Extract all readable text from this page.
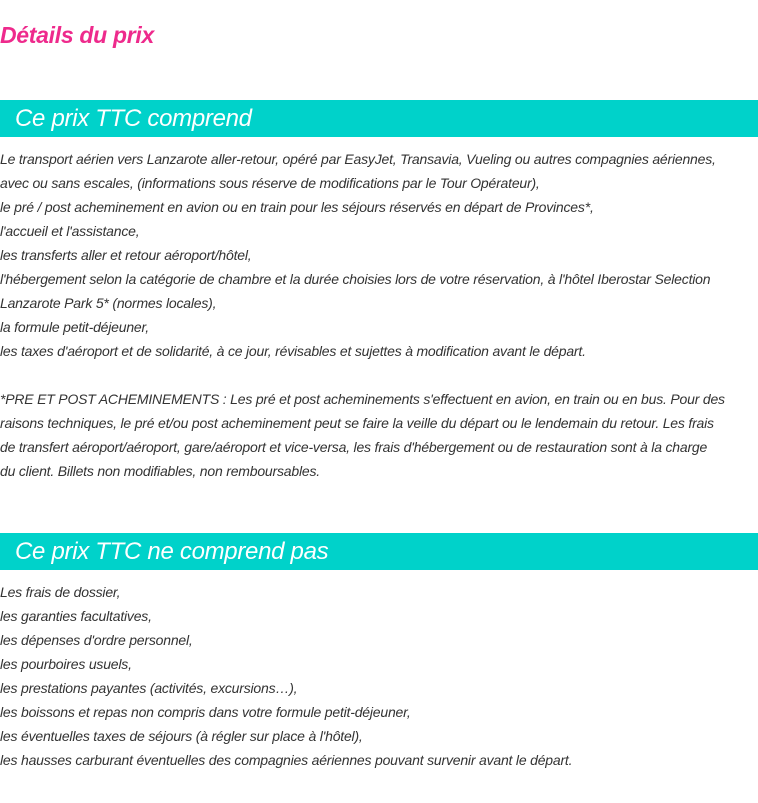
Détails du prix
Ce prix TTC comprend
Le transport aérien vers Lanzarote aller-retour, opéré par EasyJet, Transavia, Vueling ou autres compagnies aériennes,
avec ou sans escales, (informations sous réserve de modifications par le Tour Opérateur),
le pré / post acheminement en avion ou en train pour les séjours réservés en départ de Provinces*,
l'accueil et l'assistance,
les transferts aller et retour aéroport/hôtel,
l'hébergement selon la catégorie de chambre et la durée choisies lors de votre réservation, à l'hôtel Iberostar Selection
Lanzarote Park 5* (normes locales),
la formule petit-déjeuner,
les taxes d'aéroport et de solidarité, à ce jour, révisables et sujettes à modification avant le départ.
*PRE ET POST ACHEMINEMENTS : Les pré et post acheminements s'effectuent en avion, en train ou en bus. Pour des
raisons techniques, le pré et/ou post acheminement peut se faire la veille du départ ou le lendemain du retour. Les frais
de transfert aéroport/aéroport, gare/aéroport et vice-versa, les frais d'hébergement ou de restauration sont à la charge
du client. Billets non modifiables, non remboursables.
Ce prix TTC ne comprend pas
Les frais de dossier,
les garanties facultatives,
les dépenses d'ordre personnel,
les pourboires usuels,
les prestations payantes (activités, excursions…),
les boissons et repas non compris dans votre formule petit-déjeuner,
les éventuelles taxes de séjours (à régler sur place à l'hôtel),
les hausses carburant éventuelles des compagnies aériennes pouvant survenir avant le départ.
